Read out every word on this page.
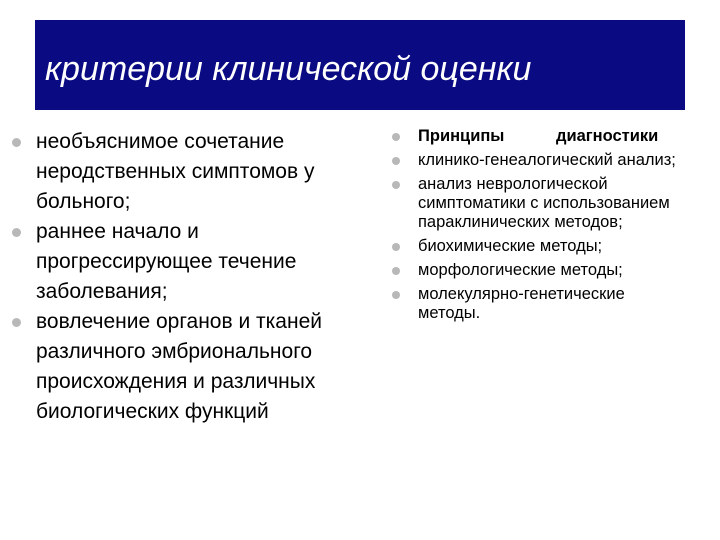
критерии клинической оценки
необъяснимое сочетание неродственных симптомов у больного;
раннее начало и прогрессирующее течение заболевания;
вовлечение органов и тканей различного эмбрионального происхождения и различных биологических функций
Принципы	диагностики
клинико-генеалогический анализ;
анализ неврологической симптоматики с использованием параклинических методов;
биохимические методы;
морфологические методы;
молекулярно-генетические методы.
